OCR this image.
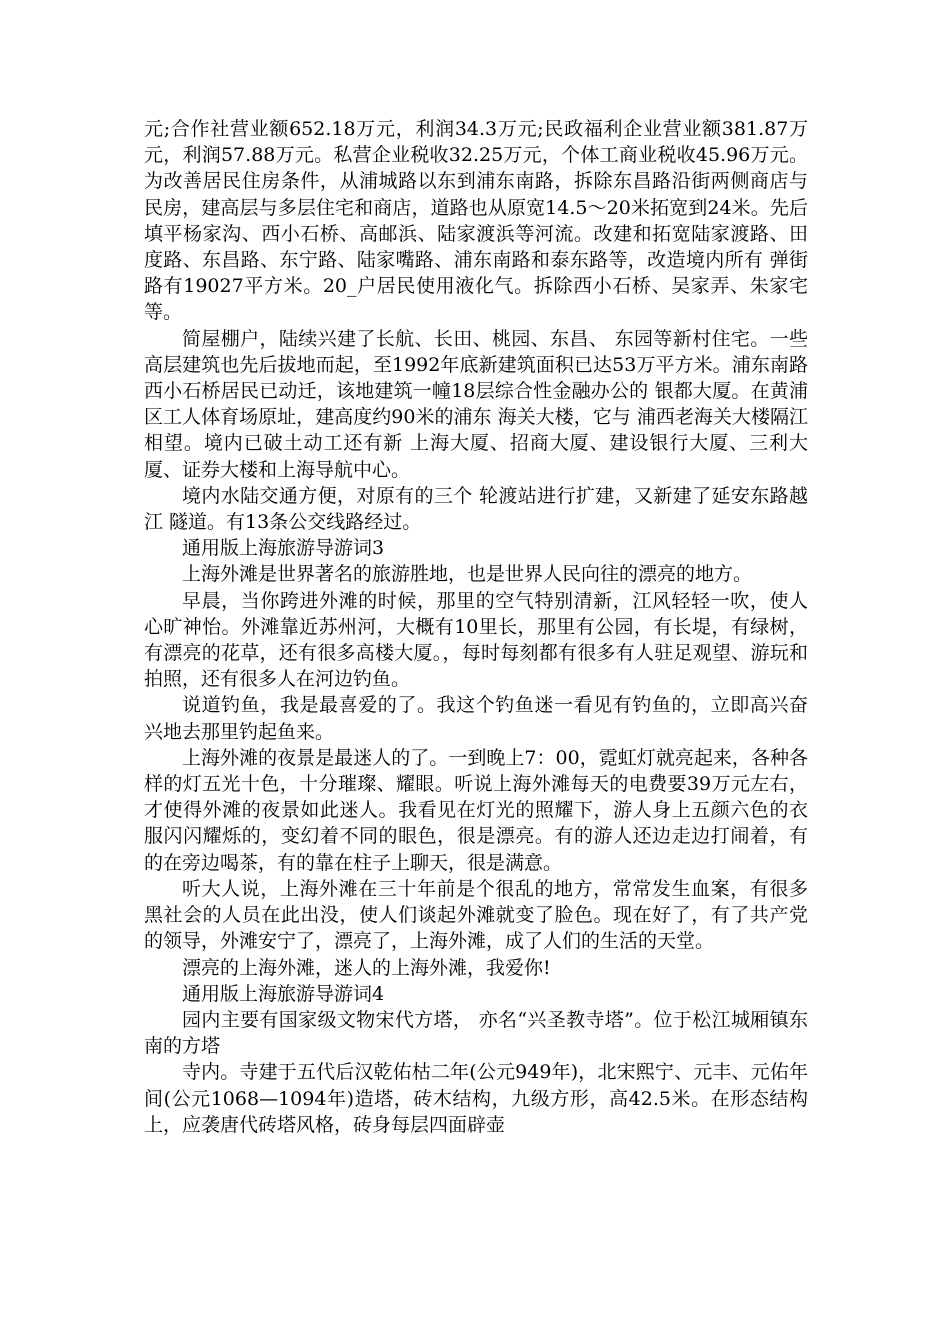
元;合作社营业额652.18万元，利润34.3万元;民政福利企业营业额381.87万元，利润57.88万元。私营企业税收32.25万元，个体工商业税收45.96万元。 为改善居民住房条件，从浦城路以东到浦东南路，拆除东昌路沿街两侧商店与民房，建高层与多层住宅和商店，道路也从原宽14.5～20米拓宽到24米。先后填平杨家沟、西小石桥、高邮浜、陆家渡浜等河流。改建和拓宽陆家渡路、田度路、东昌路、东宁路、陆家嘴路、浦东南路和泰东路等，改造境内所有 弹街路有19027平方米。20_户居民使用液化气。拆除西小石桥、吴家弄、朱家宅等。

简屋棚户，陆续兴建了长航、长田、桃园、东昌、 东园等新村住宅。一些高层建筑也先后拔地而起，至1992年底新建筑面积已达53万平方米。浦东南路西小石桥居民已动迁，该地建筑一幢18层综合性金融办公的 银都大厦。在黄浦区工人体育场原址，建高度约90米的浦东 海关大楼，它与 浦西老海关大楼隔江相望。境内已破土动工还有新 上海大厦、招商大厦、建设银行大厦、三利大厦、证券大楼和上海导航中心。

境内水陆交通方便，对原有的三个 轮渡站进行扩建，又新建了延安东路越江 隧道。有13条公交线路经过。

通用版上海旅游导游词3

上海外滩是世界著名的旅游胜地，也是世界人民向往的漂亮的地方。

早晨，当你跨进外滩的时候，那里的空气特别清新，江风轻轻一吹，使人心旷神怡。外滩靠近苏州河，大概有10里长，那里有公园，有长堤，有绿树，有漂亮的花草，还有很多高楼大厦。，每时每刻都有很多有人驻足观望、游玩和拍照，还有很多人在河边钓鱼。

说道钓鱼，我是最喜爱的了。我这个钓鱼迷一看见有钓鱼的，立即高兴奋兴地去那里钓起鱼来。

上海外滩的夜景是最迷人的了。一到晚上7：00，霓虹灯就亮起来，各种各样的灯五光十色，十分璀璨、耀眼。听说上海外滩每天的电费要39万元左右，才使得外滩的夜景如此迷人。我看见在灯光的照耀下，游人身上五颜六色的衣服闪闪耀烁的，变幻着不同的眼色，很是漂亮。有的游人还边走边打闹着，有的在旁边喝茶，有的靠在柱子上聊天，很是满意。

听大人说，上海外滩在三十年前是个很乱的地方，常常发生血案，有很多黑社会的人员在此出没，使人们谈起外滩就变了脸色。现在好了，有了共产党的领导，外滩安宁了，漂亮了，上海外滩，成了人们的生活的天堂。

漂亮的上海外滩，迷人的上海外滩，我爱你!

通用版上海旅游导游词4

园内主要有国家级文物宋代方塔， 亦名“兴圣教寺塔”。位于松江城厢镇东南的方塔

寺内。寺建于五代后汉乾佑枯二年(公元949年)，北宋熙宁、元丰、元佑年间(公元1068—1094年)造塔，砖木结构，九级方形，高42.5米。在形态结构上，应袭唐代砖塔风格，砖身每层四面辟壶
